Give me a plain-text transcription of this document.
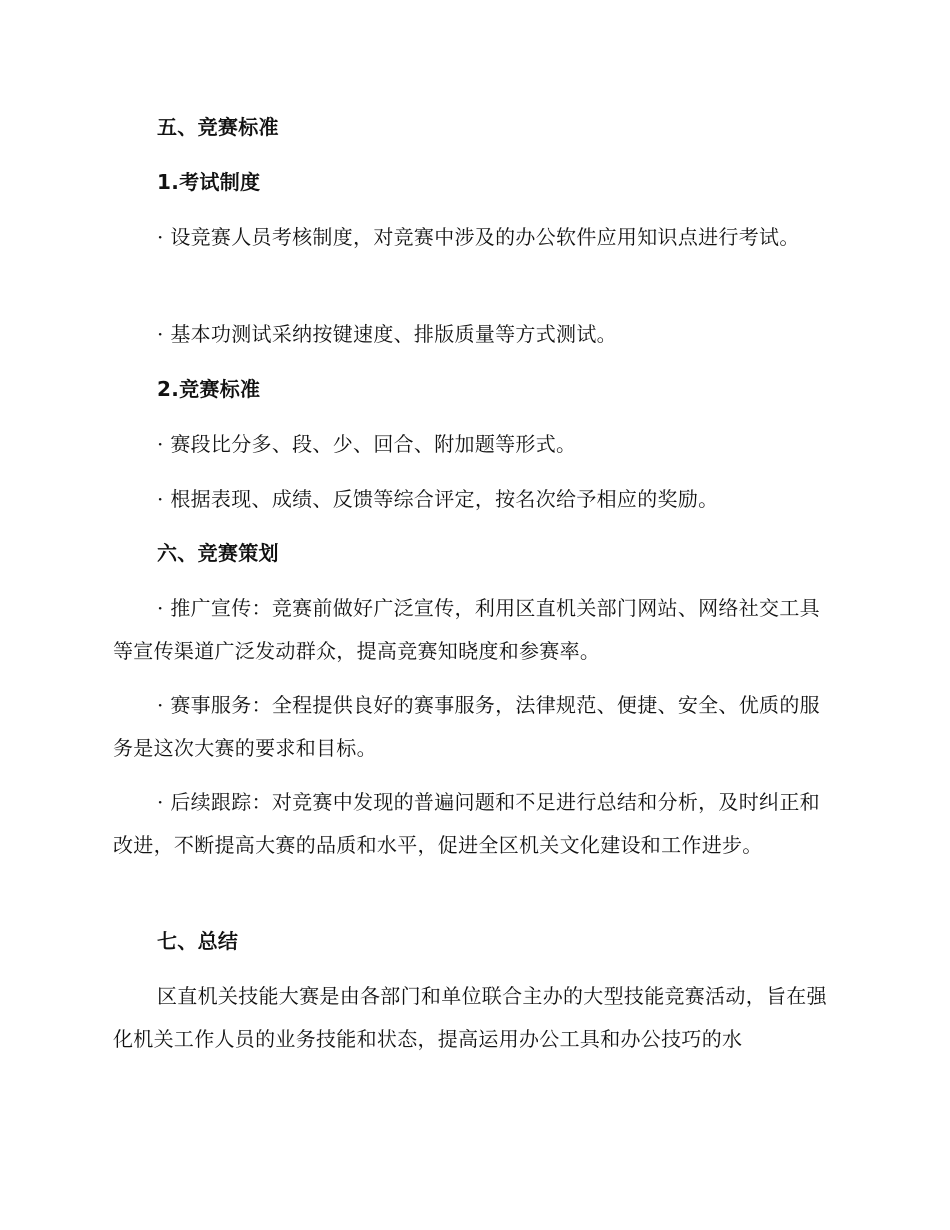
五、竞赛标准

1.考试制度

· 设竞赛人员考核制度，对竞赛中涉及的办公软件应用知识点进行考试。

· 基本功测试采纳按键速度、排版质量等方式测试。

2.竞赛标准

· 赛段比分多、段、少、回合、附加题等形式。

· 根据表现、成绩、反馈等综合评定，按名次给予相应的奖励。

六、竞赛策划

· 推广宣传：竞赛前做好广泛宣传，利用区直机关部门网站、网络社交工具等宣传渠道广泛发动群众，提高竞赛知晓度和参赛率。

· 赛事服务：全程提供良好的赛事服务，法律规范、便捷、安全、优质的服务是这次大赛的要求和目标。

· 后续跟踪：对竞赛中发现的普遍问题和不足进行总结和分析，及时纠正和改进，不断提高大赛的品质和水平，促进全区机关文化建设和工作进步。

七、总结

区直机关技能大赛是由各部门和单位联合主办的大型技能竞赛活动，旨在强化机关工作人员的业务技能和状态，提高运用办公工具和办公技巧的水
